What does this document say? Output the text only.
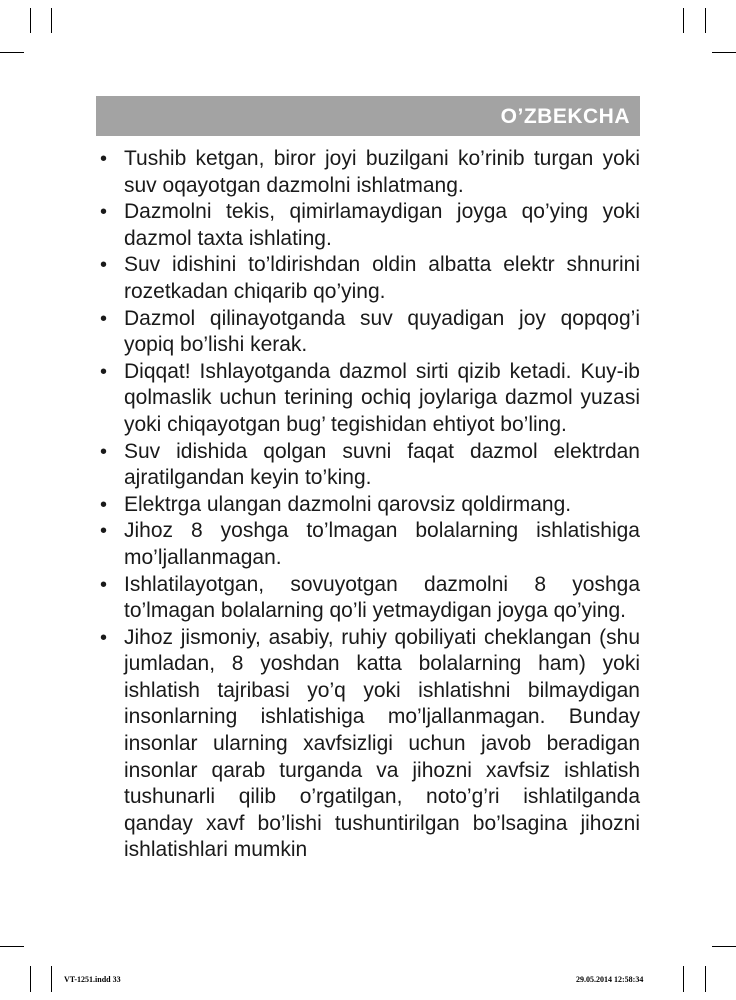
O’ZBEKCHA
• Tushib ketgan, biror joyi buzilgani ko’rinib turgan yoki suv oqayotgan dazmolni ishlatmang.
• Dazmolni tekis, qimirlamaydigan joyga qo’ying yoki dazmol taxta ishlating.
• Suv idishini to’ldirishdan oldin albatta elektr shnurini rozetkadan chiqarib qo’ying.
• Dazmol qilinayotganda suv quyadigan joy qopqog’i yopiq bo’lishi kerak.
• Diqqat! Ishlayotganda dazmol sirti qizib ketadi. Kuy-ib qolmaslik uchun terining ochiq joylariga dazmol yuzasi yoki chiqayotgan bug’ tegishidan ehtiyot bo’ling.
• Suv idishida qolgan suvni faqat dazmol elektrdan ajratilgandan keyin to’king.
• Elektrga ulangan dazmolni qarovsiz qoldirmang.
• Jihoz 8 yoshga to’lmagan bolalarning ishlatishiga mo’ljallanmagan.
• Ishlatilayotgan, sovuyotgan dazmolni 8 yoshga to’lmagan bolalarning qo’li yetmaydigan joyga qo’ying.
• Jihoz jismoniy, asabiy, ruhiy qobiliyati cheklangan (shu jumladan, 8 yoshdan katta bolalarning ham) yoki ishlatish tajribasi yo’q yoki ishlatishni bilmaydigan insonlarning ishlatishiga mo’ljallanmagan. Bunday insonlar ularning xavfsizligi uchun javob beradigan insonlar qarab turganda va jihozni xavfsiz ishlatish tushunarli qilib o’rgatilgan, noto’g’ri ishlatilganda qanday xavf bo’lishi tushuntirilgan bo’lsagina jihozni ishlatishlari mumkin
VT-1251.indd 33	29.05.2014 12:58:34
